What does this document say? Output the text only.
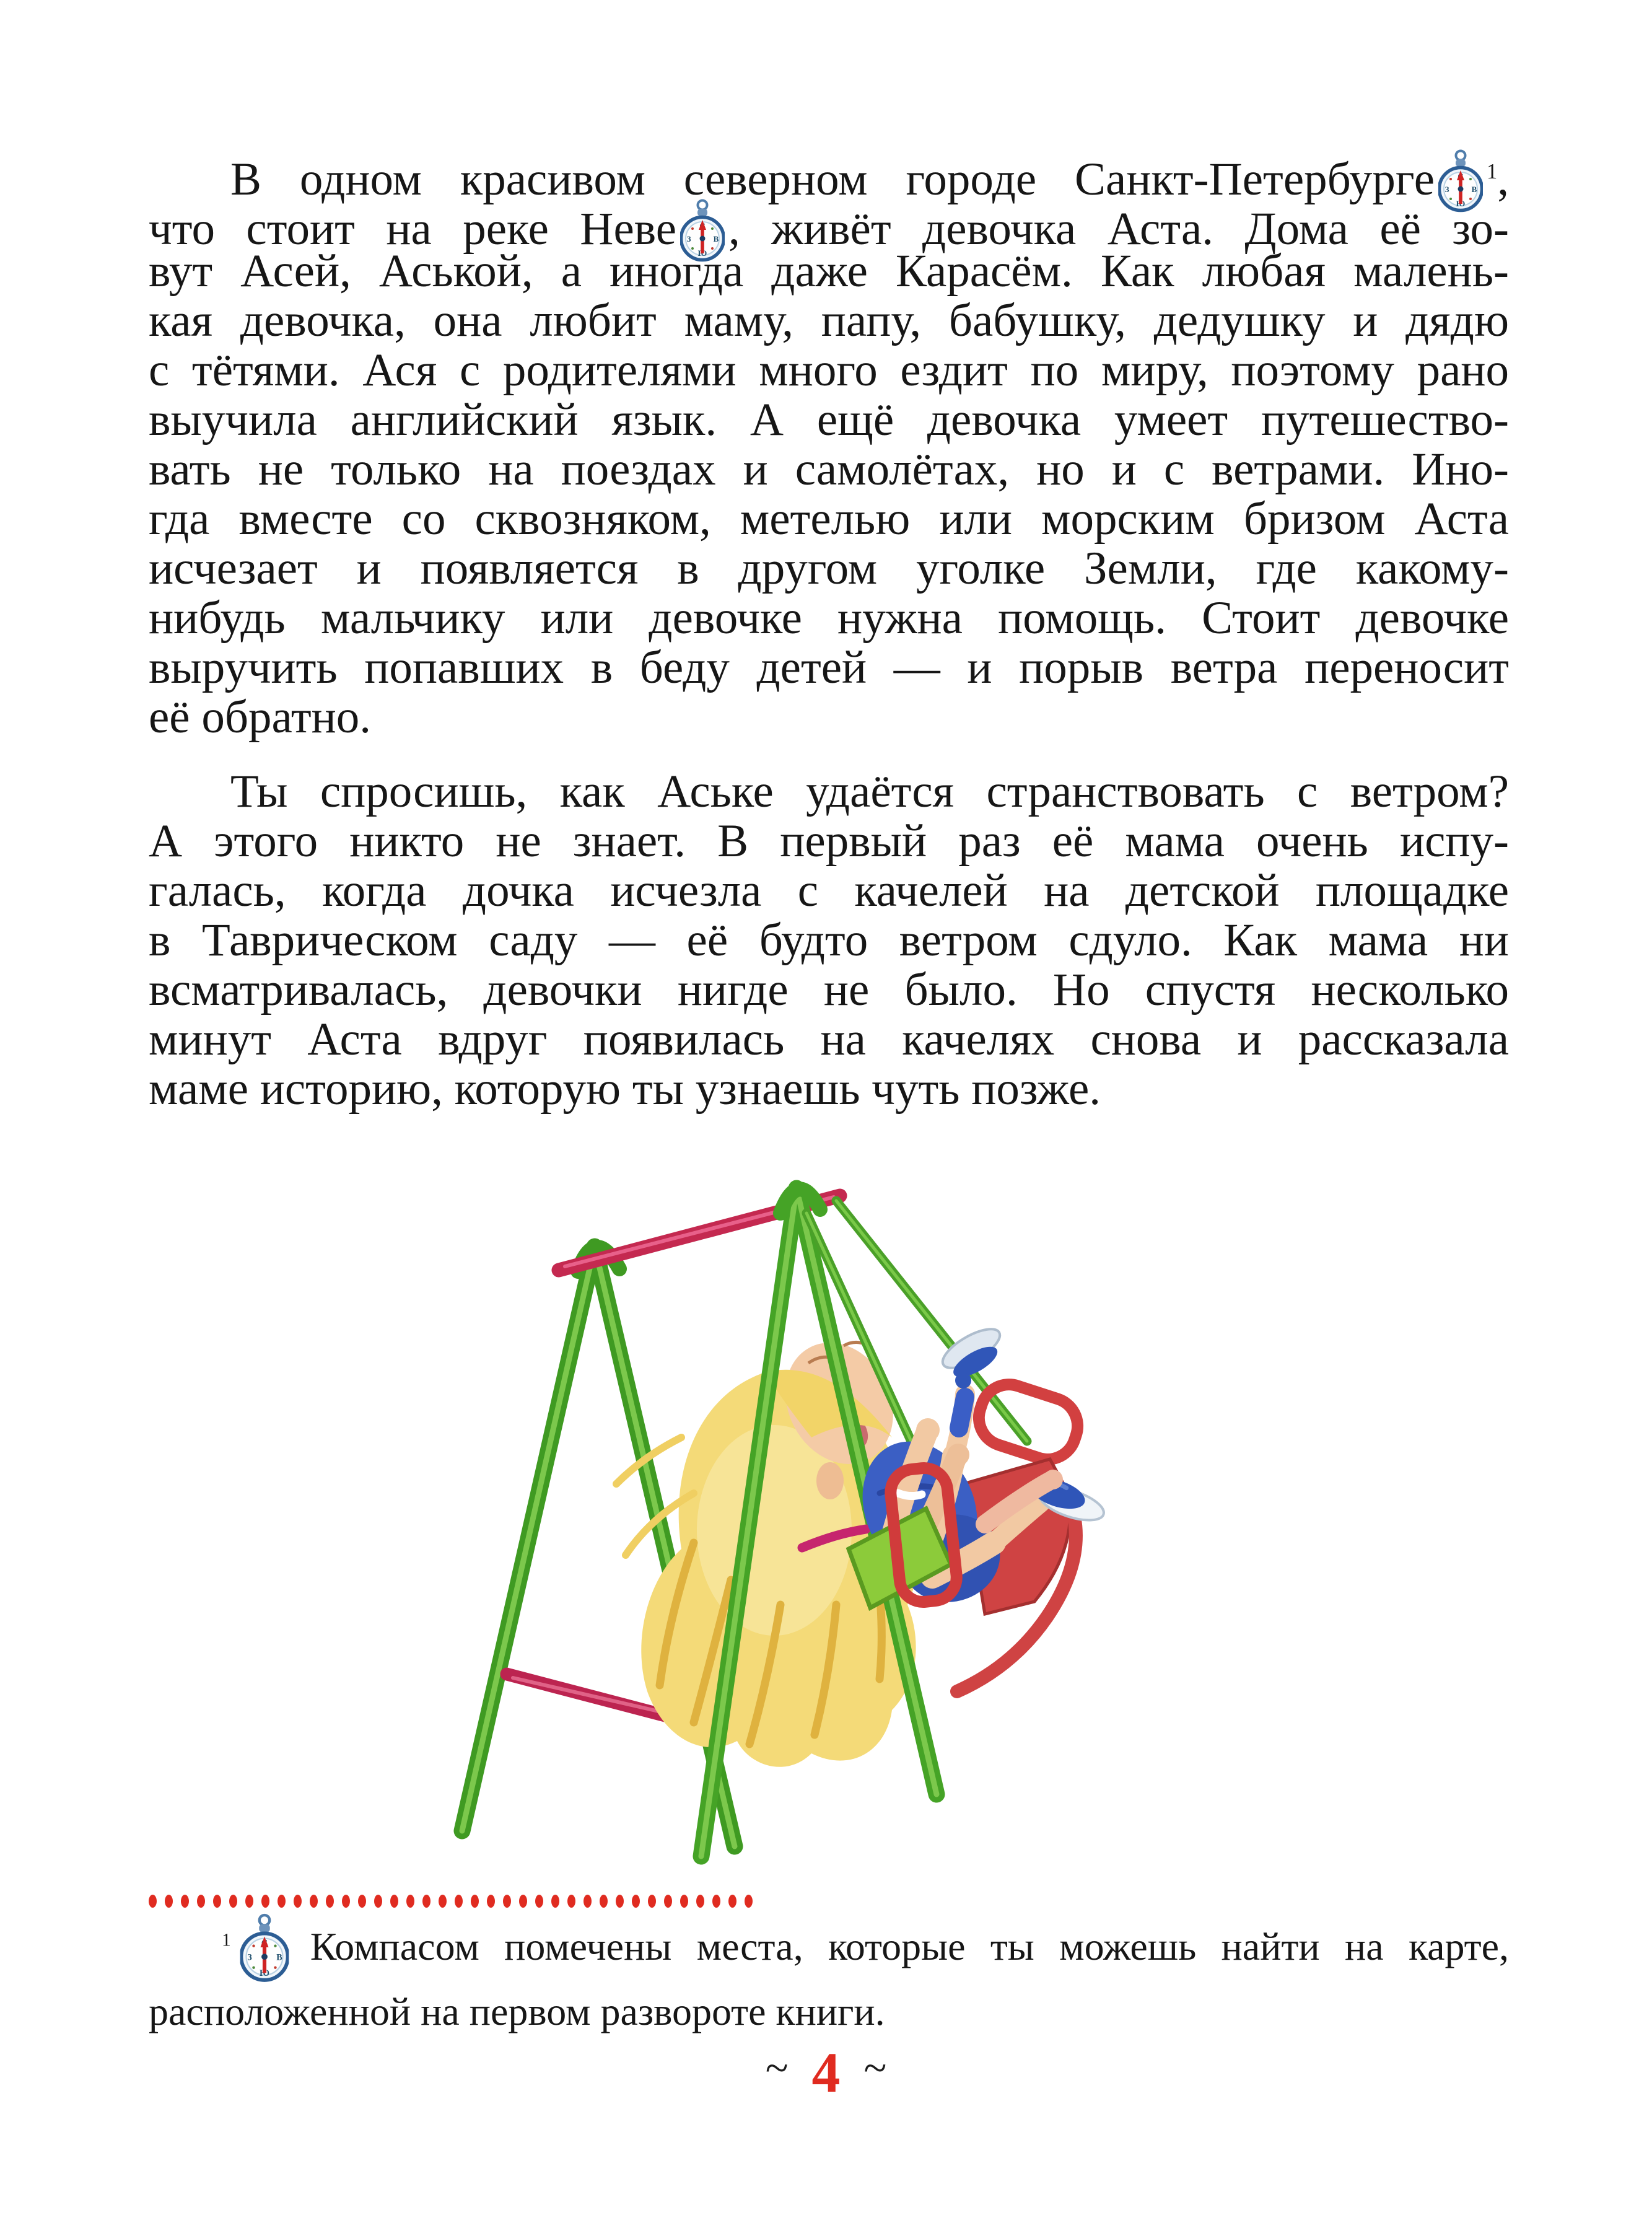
В одном красивом северном городе Санкт-Петербурге $^1$,
что стоит на реке Неве , живёт девочка Аста. Дома её зо-
вут Асей, Аськой, а иногда даже Карасём. Как любая малень-
кая девочка, она любит маму, папу, бабушку, дедушку и дядю
с тётями. Ася с родителями много ездит по миру, поэтому рано
выучила английский язык. А ещё девочка умеет путешество-
вать не только на поездах и самолётах, но и с ветрами. Ино-
гда вместе со сквозняком, метелью или морским бризом Аста
исчезает и появляется в другом уголке Земли, где какому-
нибудь мальчику или девочке нужна помощь. Стоит девочке
выручить попавших в беду детей — и порыв ветра переносит
её обратно.
Ты спросишь, как Аське удаётся странствовать с ветром?
А этого никто не знает. В первый раз её мама очень испу-
галась, когда дочка исчезла с качелей на детской площадке
в Таврическом саду — её будто ветром сдуло. Как мама ни
всматривалась, девочки нигде не было. Но спустя несколько
минут Аста вдруг появилась на качелях снова и рассказала
маме историю, которую ты узнаешь чуть позже.
$^1$ Компасом помечены места, которые ты можешь найти на карте,
расположенной на первом развороте книги.
~ 4 ~
